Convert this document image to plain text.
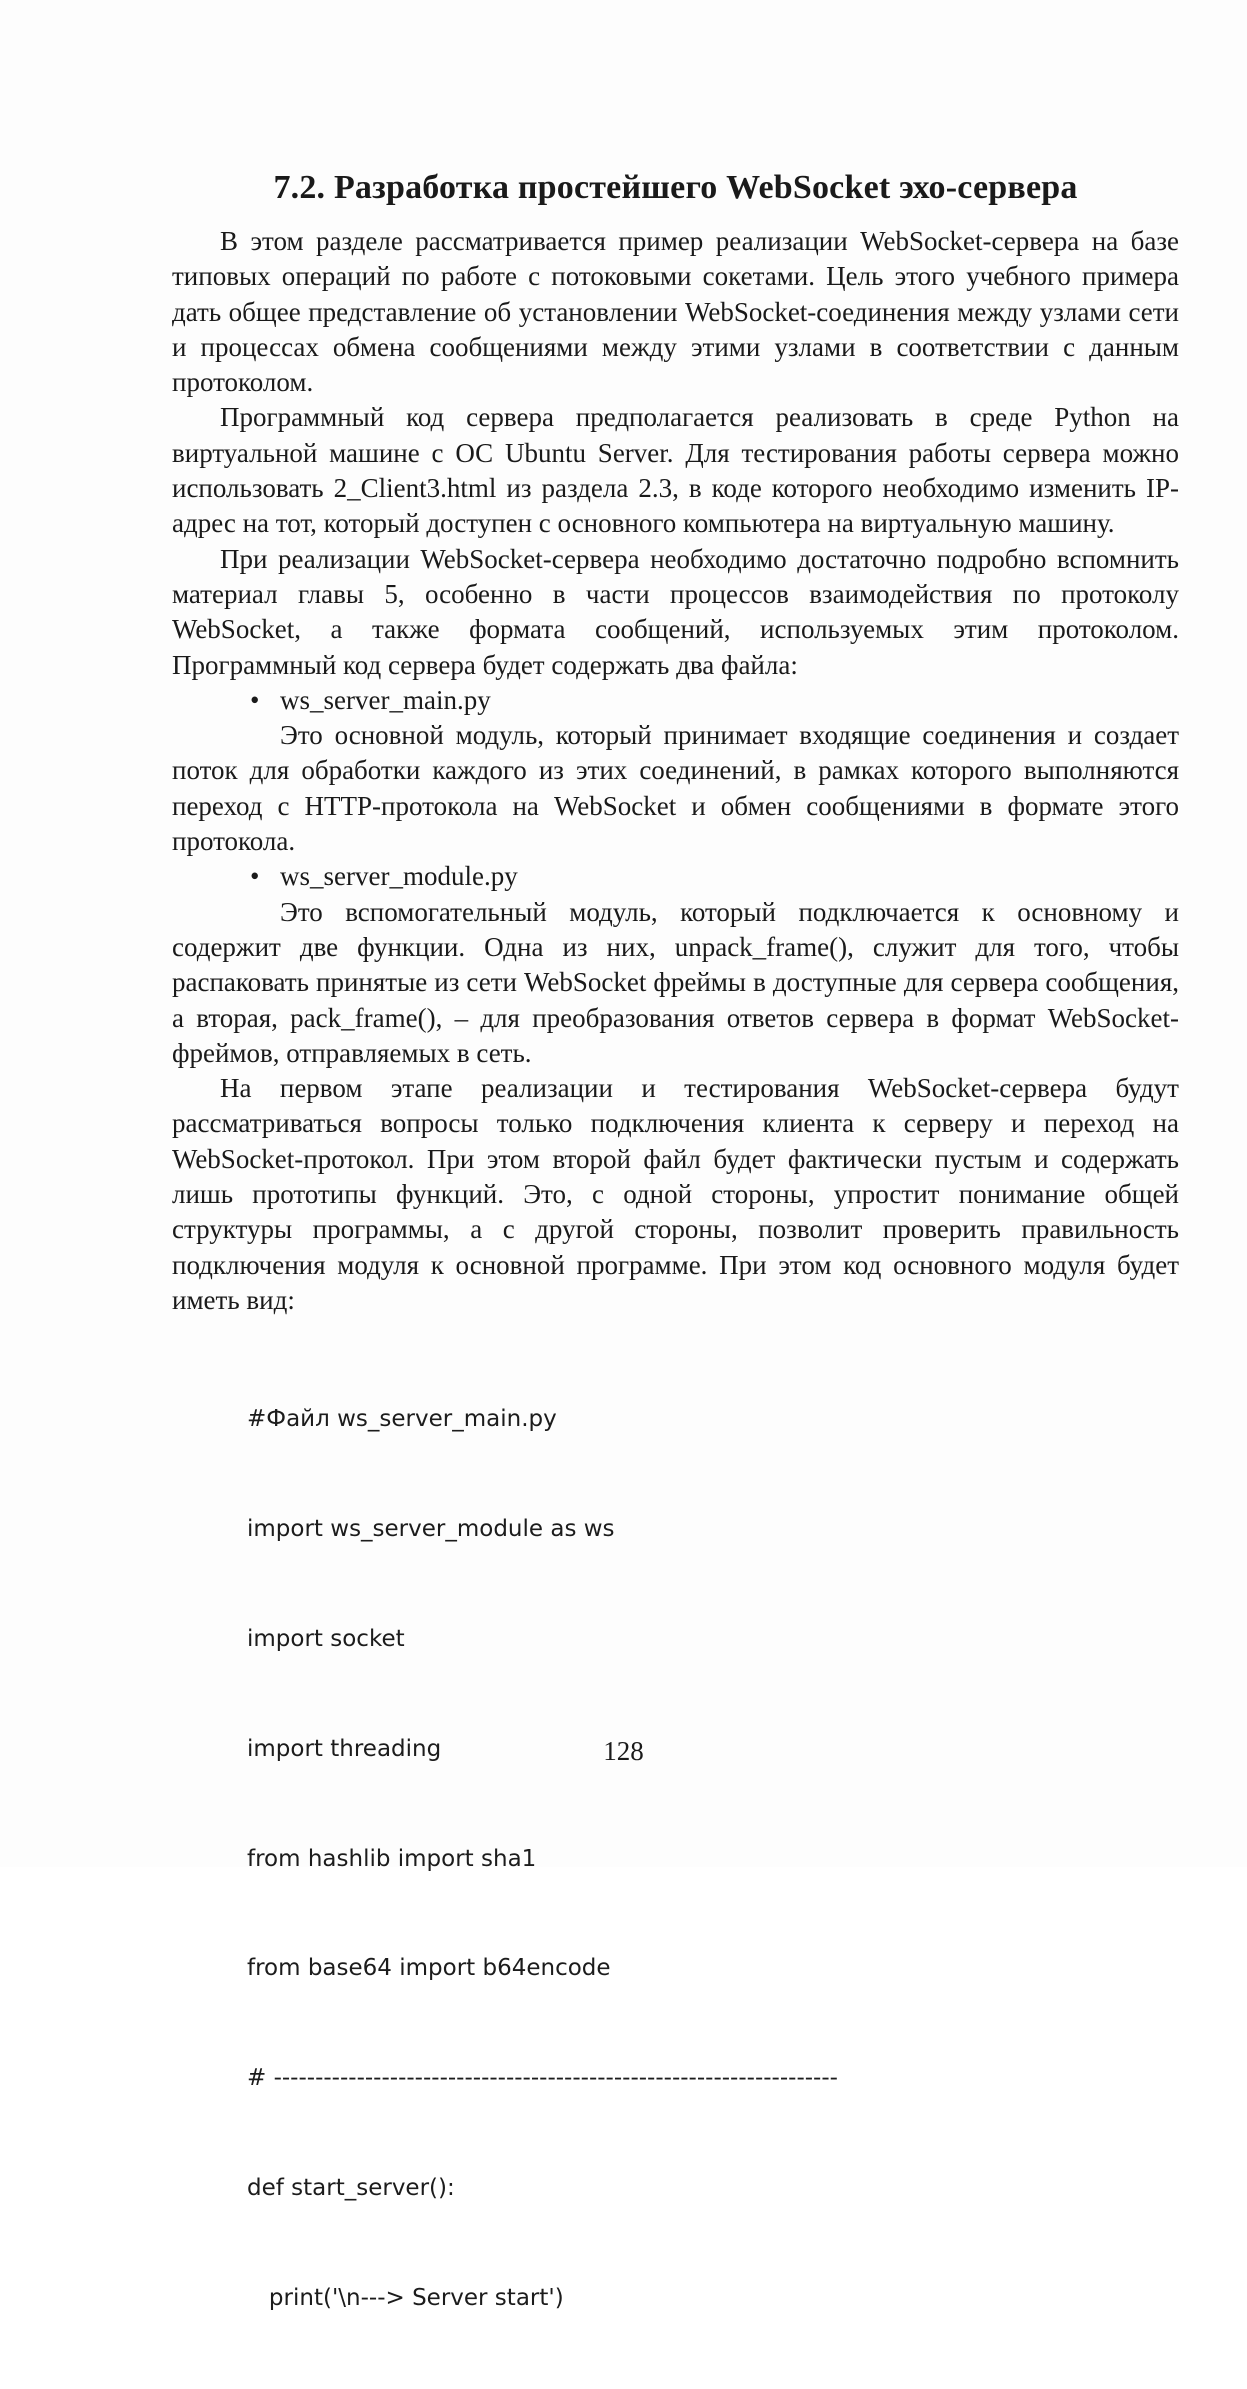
7.2. Разработка простейшего WebSocket эхо-сервера

В этом разделе рассматривается пример реализации WebSocket-сервера на базе типовых операций по работе с потоковыми сокетами. Цель этого учебного примера дать общее представление об установлении WebSocket-соединения между узлами сети и процессах обмена сообщениями между этими узлами в соответствии с данным протоколом.

Программный код сервера предполагается реализовать в среде Python на виртуальной машине с ОС Ubuntu Server. Для тестирования работы сервера можно использовать 2_Client3.html из раздела 2.3, в коде которого необходимо изменить IP-адрес на тот, который доступен с основного компьютера на виртуальную машину.

При реализации WebSocket-сервера необходимо достаточно подробно вспомнить материал главы 5, особенно в части процессов взаимодействия по протоколу WebSocket, а также формата сообщений, используемых этим протоколом. Программный код сервера будет содержать два файла:

• ws_server_main.py

Это основной модуль, который принимает входящие соединения и создает поток для обработки каждого из этих соединений, в рамках которого выполняются переход с HTTP-протокола на WebSocket и обмен сообщениями в формате этого протокола.

• ws_server_module.py

Это вспомогательный модуль, который подключается к основному и содержит две функции. Одна из них, unpack_frame(), служит для того, чтобы распаковать принятые из сети WebSocket фреймы в доступные для сервера сообщения, а вторая, pack_frame(), – для преобразования ответов сервера в формат WebSocket-фреймов, отправляемых в сеть.

На первом этапе реализации и тестирования WebSocket-сервера будут рассматриваться вопросы только подключения клиента к серверу и переход на WebSocket-протокол. При этом второй файл будет фактически пустым и содержать лишь прототипы функций. Это, с одной стороны, упростит понимание общей структуры программы, а с другой стороны, позволит проверить правильность подключения модуля к основной программе. При этом код основного модуля будет иметь вид:

#Файл ws_server_main.py

import ws_server_module as ws

import socket

import threading

from hashlib import sha1

from base64 import b64encode

# --------------------------------------------------------------------

def start_server():

print('\n---> Server start')

128
